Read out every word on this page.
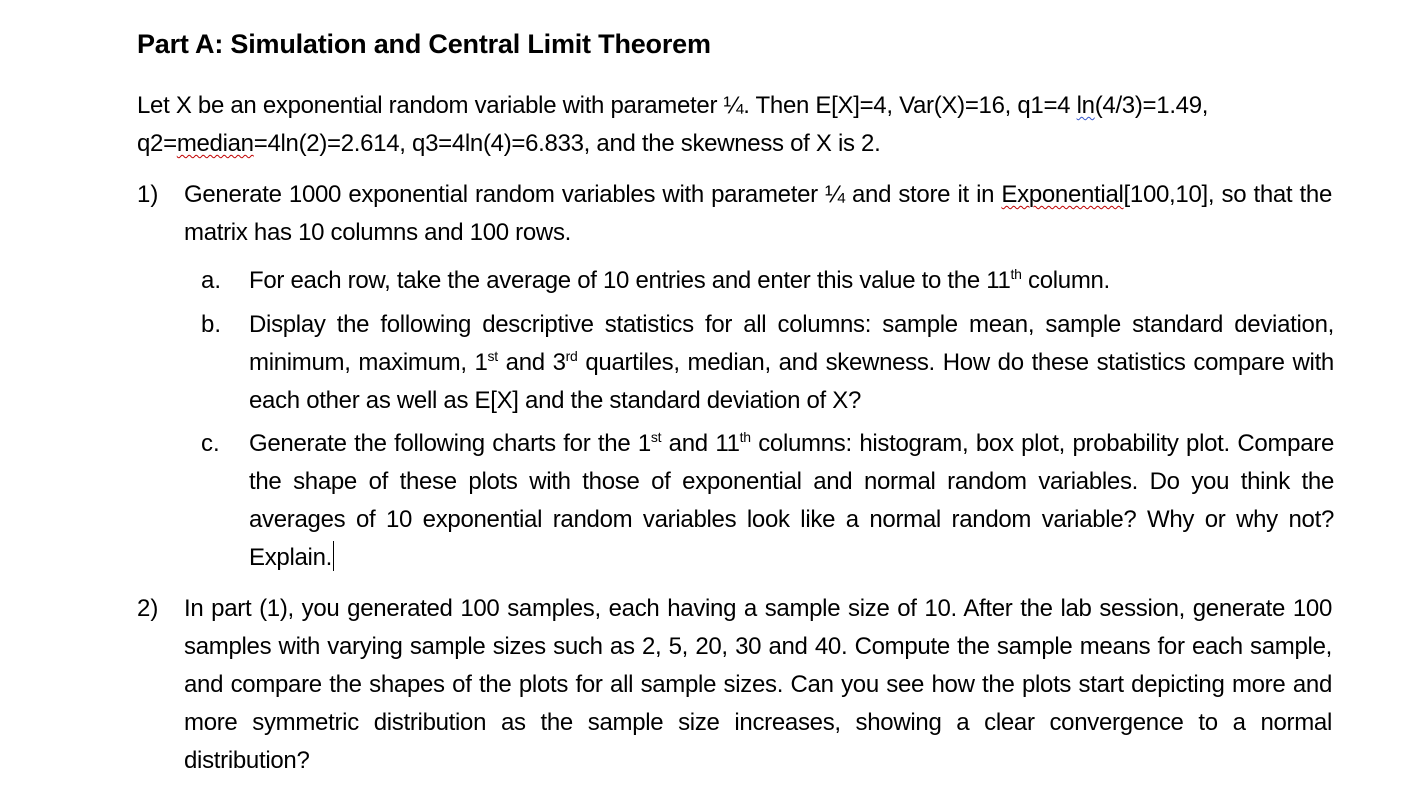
Part A: Simulation and Central Limit Theorem
Let X be an exponential random variable with parameter ¼. Then E[X]=4, Var(X)=16, q1=4 ln(4/3)=1.49,
q2=median=4ln(2)=2.614, q3=4ln(4)=6.833, and the skewness of X is 2.
1) Generate 1000 exponential random variables with parameter ¼ and store it in Exponential[100,10], so that the matrix has 10 columns and 100 rows.
a. For each row, take the average of 10 entries and enter this value to the 11th column.
b. Display the following descriptive statistics for all columns: sample mean, sample standard deviation, minimum, maximum, 1st and 3rd quartiles, median, and skewness. How do these statistics compare with each other as well as E[X] and the standard deviation of X?
c. Generate the following charts for the 1st and 11th columns: histogram, box plot, probability plot. Compare the shape of these plots with those of exponential and normal random variables. Do you think the averages of 10 exponential random variables look like a normal random variable? Why or why not? Explain.
2) In part (1), you generated 100 samples, each having a sample size of 10. After the lab session, generate 100 samples with varying sample sizes such as 2, 5, 20, 30 and 40. Compute the sample means for each sample, and compare the shapes of the plots for all sample sizes. Can you see how the plots start depicting more and more symmetric distribution as the sample size increases, showing a clear convergence to a normal distribution?
